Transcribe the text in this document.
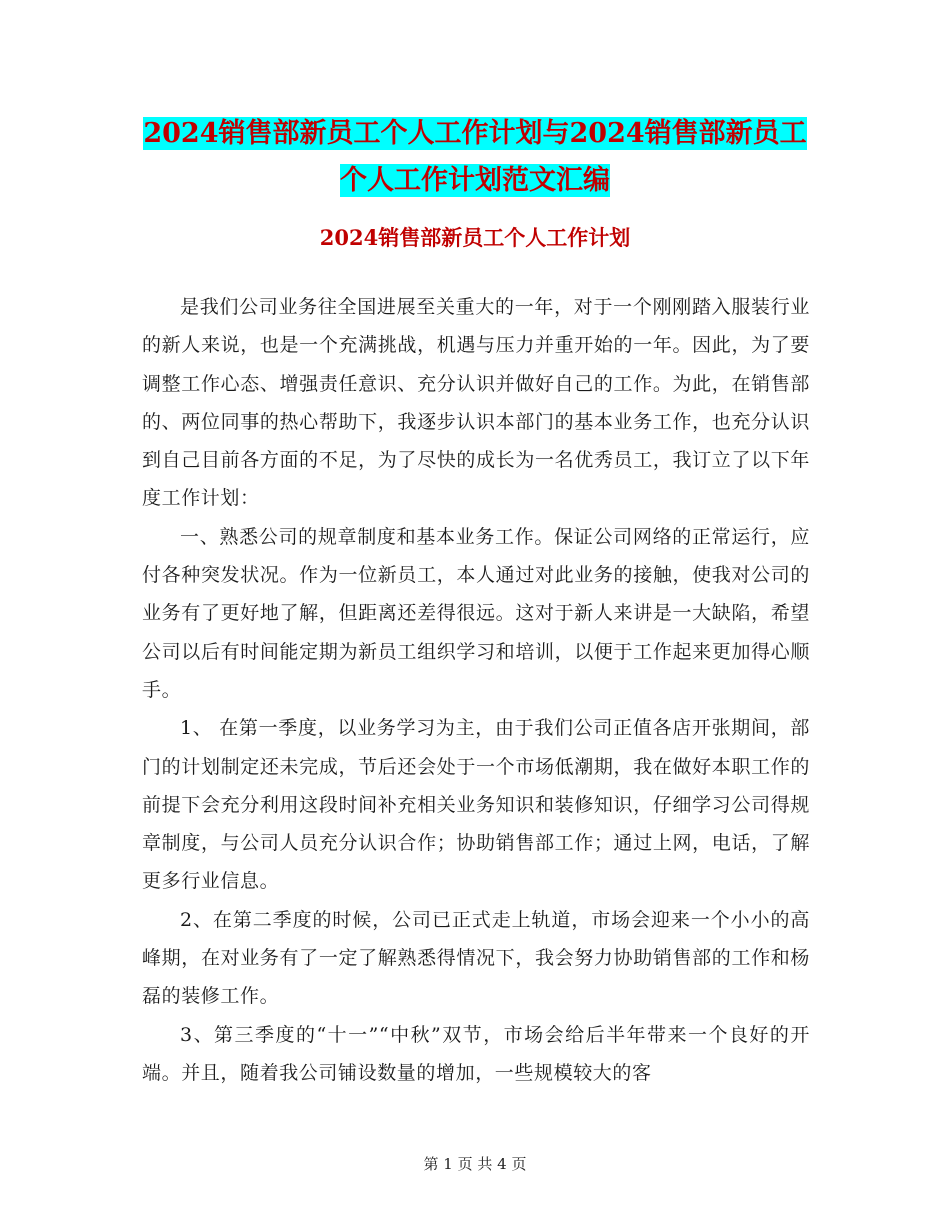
2024销售部新员工个人工作计划与2024销售部新员工
个人工作计划范文汇编
2024销售部新员工个人工作计划

是我们公司业务往全国进展至关重大的一年，对于一个刚刚踏入服装行业的新人来说，也是一个充满挑战，机遇与压力并重开始的一年。因此，为了要调整工作心态、增强责任意识、充分认识并做好自己的工作。为此，在销售部的、两位同事的热心帮助下，我逐步认识本部门的基本业务工作，也充分认识到自己目前各方面的不足，为了尽快的成长为一名优秀员工，我订立了以下年度工作计划：

一、熟悉公司的规章制度和基本业务工作。保证公司网络的正常运行，应付各种突发状况。作为一位新员工，本人通过对此业务的接触，使我对公司的业务有了更好地了解，但距离还差得很远。这对于新人来讲是一大缺陷，希望公司以后有时间能定期为新员工组织学习和培训，以便于工作起来更加得心顺手。

1、 在第一季度，以业务学习为主，由于我们公司正值各店开张期间，部门的计划制定还未完成，节后还会处于一个市场低潮期，我在做好本职工作的前提下会充分利用这段时间补充相关业务知识和装修知识，仔细学习公司得规章制度，与公司人员充分认识合作；协助销售部工作；通过上网，电话，了解更多行业信息。

2、在第二季度的时候，公司已正式走上轨道，市场会迎来一个小小的高峰期，在对业务有了一定了解熟悉得情况下，我会努力协助销售部的工作和杨磊的装修工作。

3、第三季度的“十一”“中秋”双节，市场会给后半年带来一个良好的开端。并且，随着我公司铺设数量的增加，一些规模较大的客

第 1 页 共 4 页
